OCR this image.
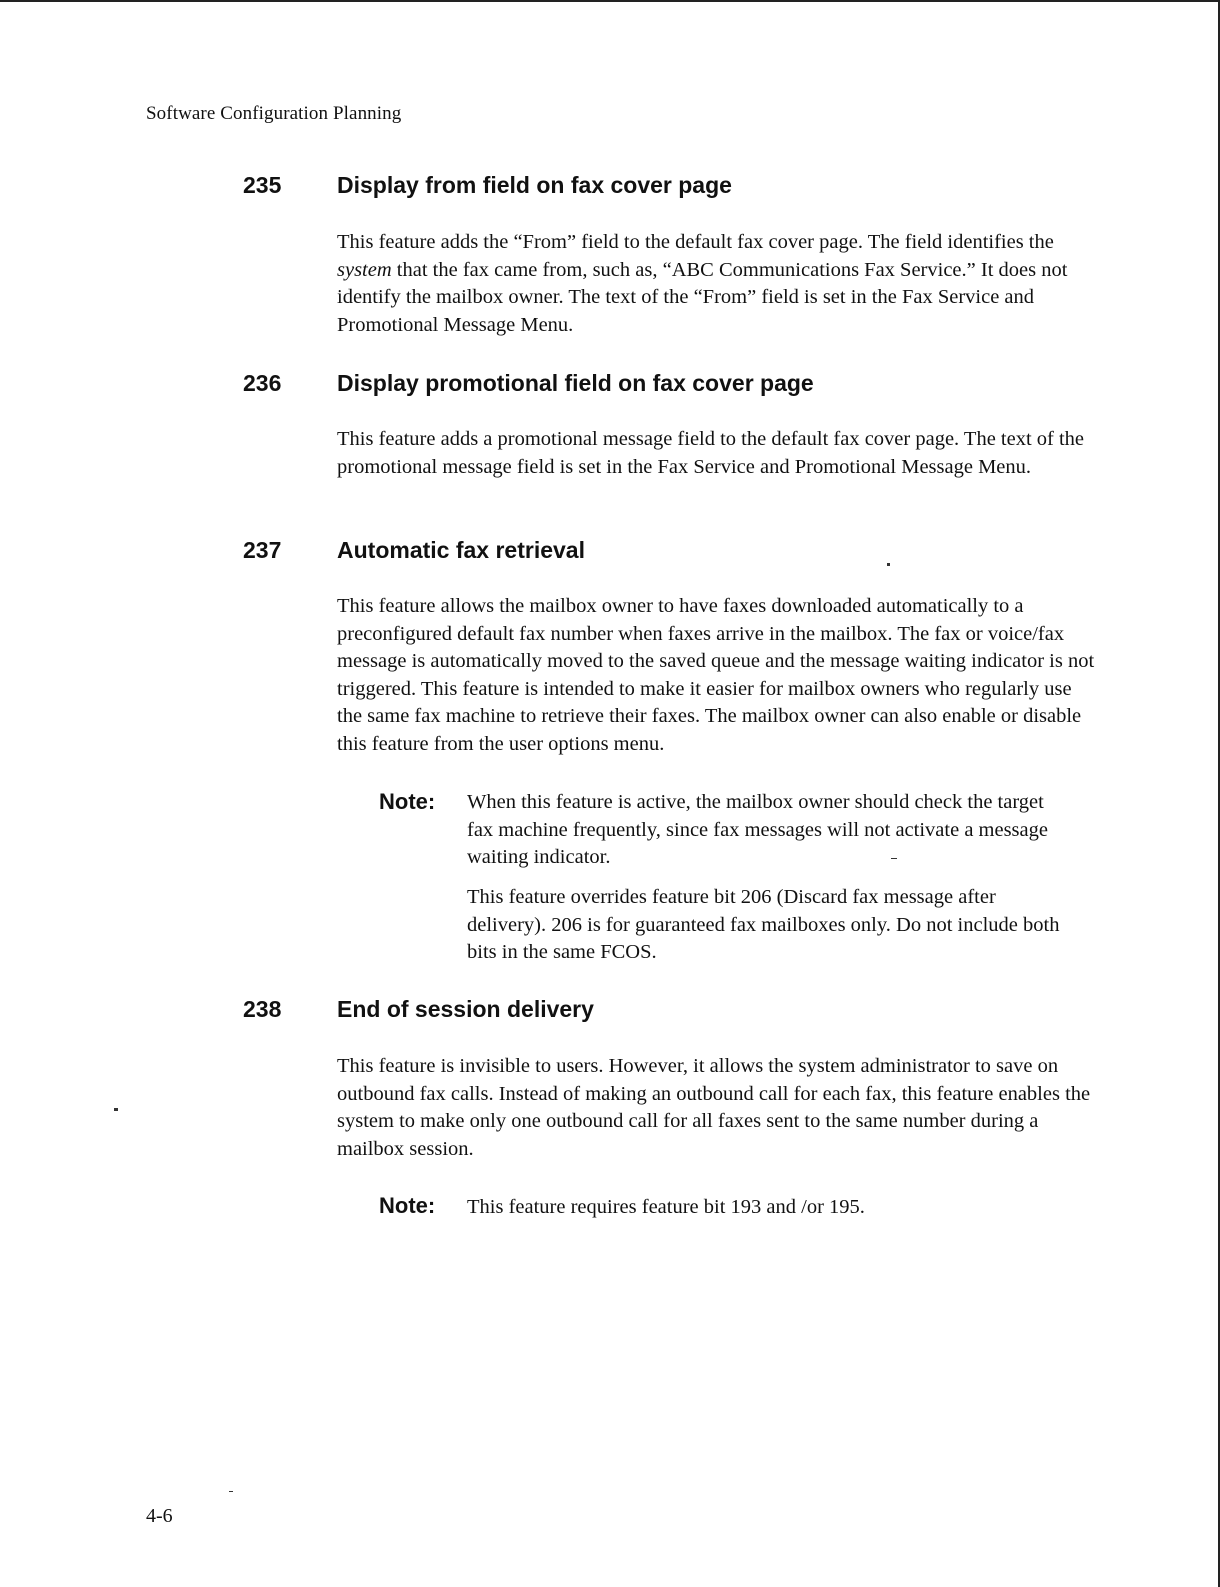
Software Configuration Planning
235 Display from field on fax cover page
This feature adds the “From” field to the default fax cover page. The field identifies the system that the fax came from, such as, “ABC Communications Fax Service.” It does not identify the mailbox owner. The text of the “From” field is set in the Fax Service and Promotional Message Menu.
236 Display promotional field on fax cover page
This feature adds a promotional message field to the default fax cover page. The text of the promotional message field is set in the Fax Service and Promotional Message Menu.
237 Automatic fax retrieval
This feature allows the mailbox owner to have faxes downloaded automatically to a preconfigured default fax number when faxes arrive in the mailbox. The fax or voice/fax message is automatically moved to the saved queue and the message waiting indicator is not triggered. This feature is intended to make it easier for mailbox owners who regularly use the same fax machine to retrieve their faxes. The mailbox owner can also enable or disable this feature from the user options menu.
Note: When this feature is active, the mailbox owner should check the target fax machine frequently, since fax messages will not activate a message waiting indicator.
This feature overrides feature bit 206 (Discard fax message after delivery). 206 is for guaranteed fax mailboxes only. Do not include both bits in the same FCOS.
238 End of session delivery
This feature is invisible to users. However, it allows the system administrator to save on outbound fax calls. Instead of making an outbound call for each fax, this feature enables the system to make only one outbound call for all faxes sent to the same number during a mailbox session.
Note: This feature requires feature bit 193 and /or 195.
4-6
